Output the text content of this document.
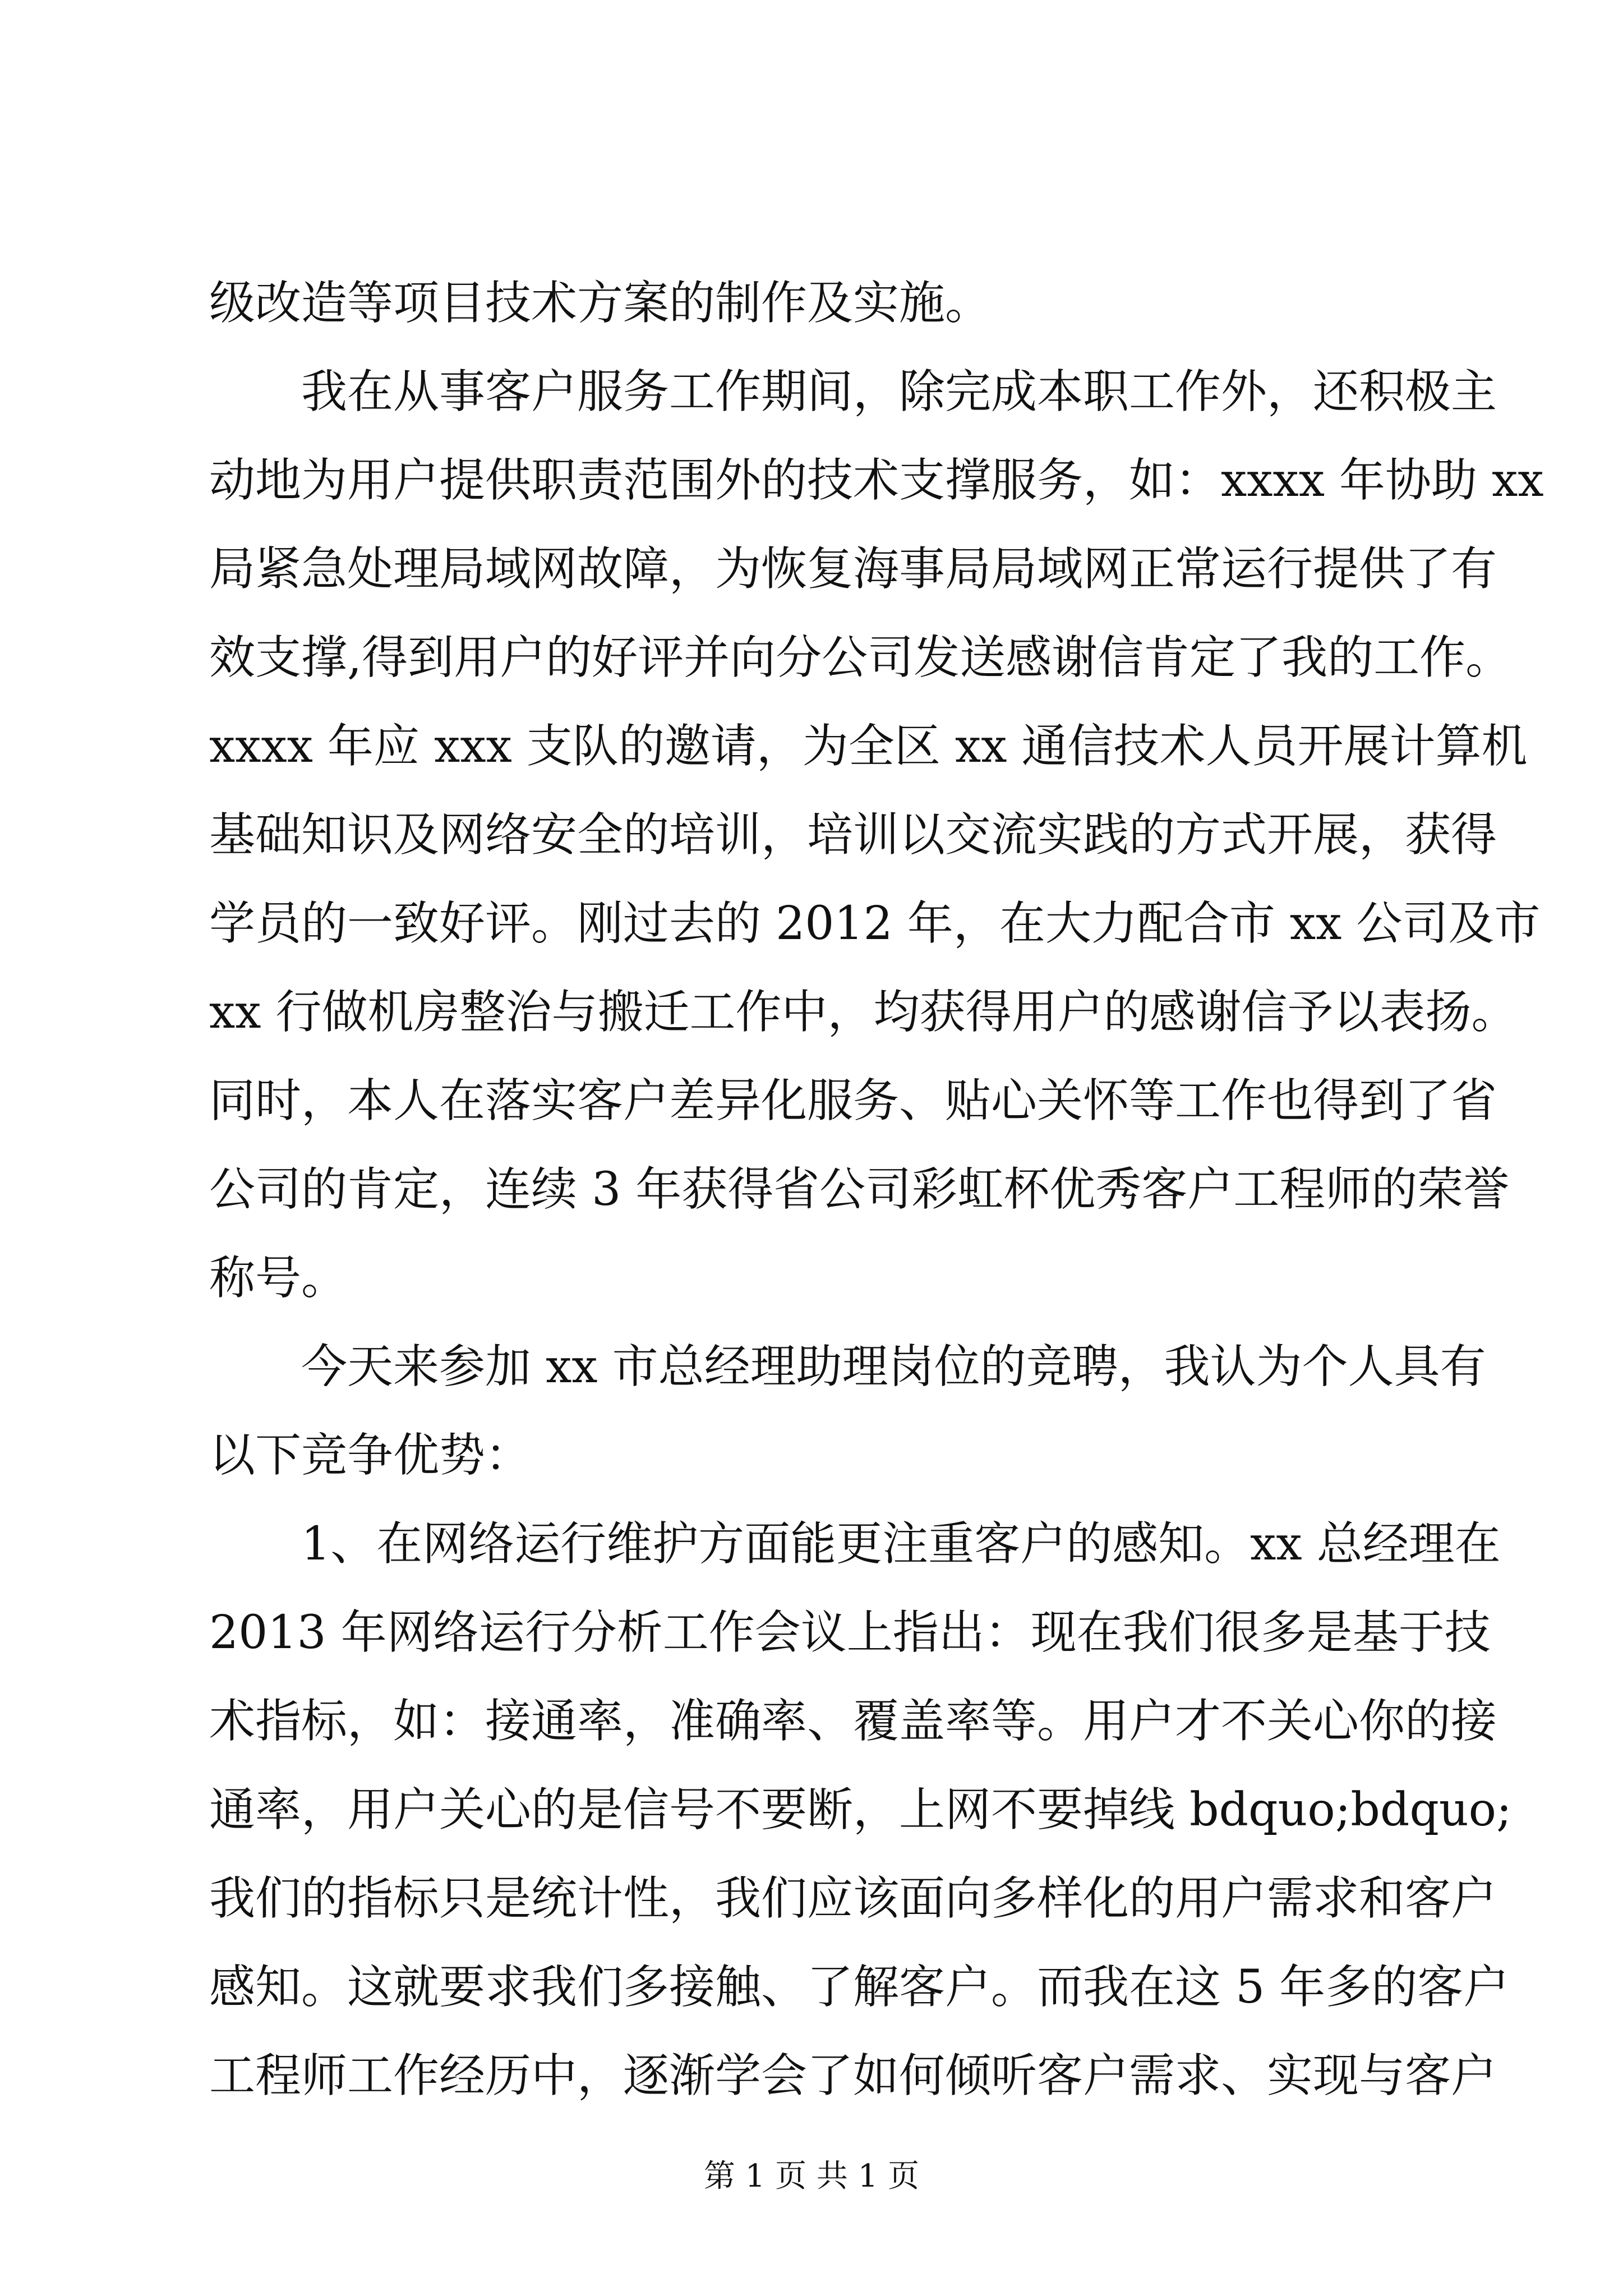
级改造等项目技术方案的制作及实施。
我在从事客户服务工作期间，除完成本职工作外，还积极主
动地为用户提供职责范围外的技术支撑服务，如：xxxx 年协助 xx
局紧急处理局域网故障，为恢复海事局局域网正常运行提供了有
效支撑,得到用户的好评并向分公司发送感谢信肯定了我的工作。
xxxx 年应 xxx 支队的邀请，为全区 xx 通信技术人员开展计算机
基础知识及网络安全的培训，培训以交流实践的方式开展，获得
学员的一致好评。刚过去的 2012 年，在大力配合市 xx 公司及市
xx 行做机房整治与搬迁工作中，均获得用户的感谢信予以表扬。
同时，本人在落实客户差异化服务、贴心关怀等工作也得到了省
公司的肯定，连续 3 年获得省公司彩虹杯优秀客户工程师的荣誉
称号。
今天来参加 xx 市总经理助理岗位的竞聘，我认为个人具有
以下竞争优势：
1、在网络运行维护方面能更注重客户的感知。xx 总经理在
2013 年网络运行分析工作会议上指出：现在我们很多是基于技
术指标，如：接通率，准确率、覆盖率等。用户才不关心你的接
通率，用户关心的是信号不要断，上网不要掉线 bdquo;bdquo;
我们的指标只是统计性，我们应该面向多样化的用户需求和客户
感知。这就要求我们多接触、了解客户。而我在这 5 年多的客户
工程师工作经历中，逐渐学会了如何倾听客户需求、实现与客户
第 1 页 共 1 页
